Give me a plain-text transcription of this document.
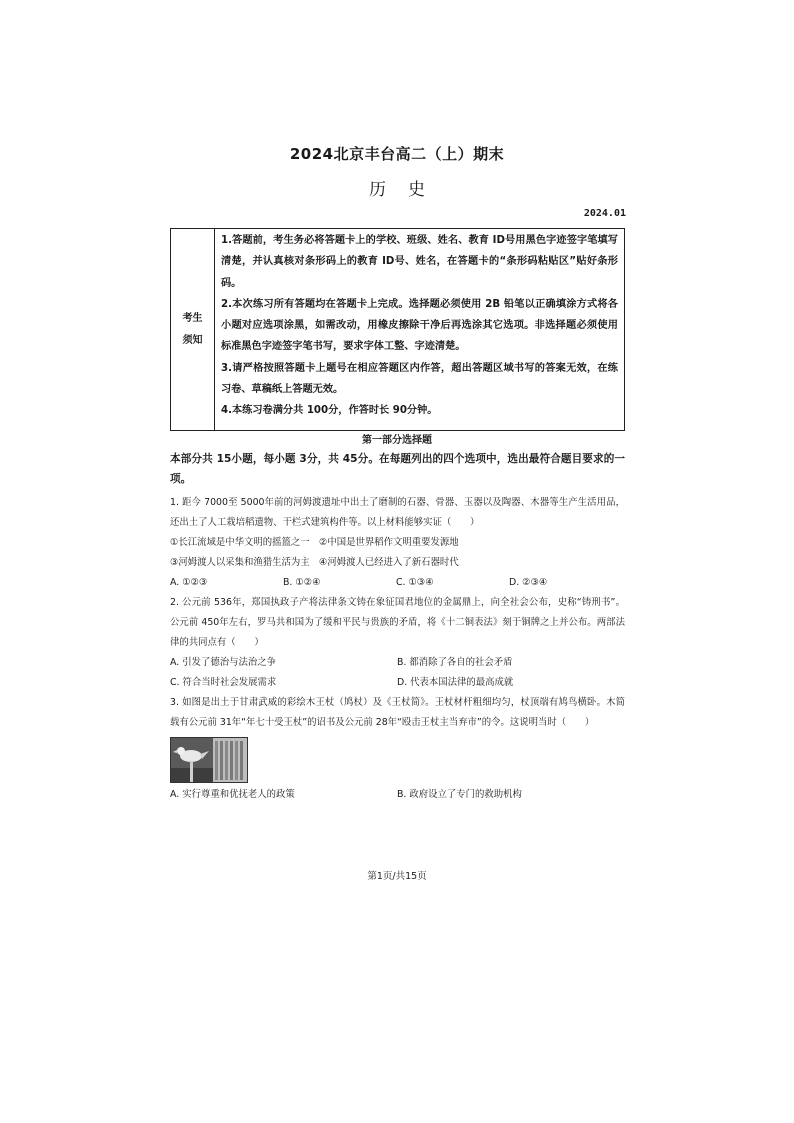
2024北京丰台高二（上）期末
历史
2024.01
考生
须知

1.答题前，考生务必将答题卡上的学校、班级、姓名、教育 ID号用黑色字迹签字笔填写清楚，并认真核对条形码上的教育 ID号、姓名，在答题卡的“条形码粘贴区”贴好条形码。

2.本次练习所有答题均在答题卡上完成。选择题必须使用 2B 铅笔以正确填涂方式将各小题对应选项涂黑，如需改动，用橡皮擦除干净后再选涂其它选项。非选择题必须使用标准黑色字迹签字笔书写，要求字体工整、字迹清楚。

3.请严格按照答题卡上题号在相应答题区内作答，超出答题区域书写的答案无效，在练习卷、草稿纸上答题无效。

4.本练习卷满分共 100分，作答时长 90分钟。

第一部分选择题
本部分共 15小题，每小题 3分，共 45分。在每题列出的四个选项中，选出最符合题目要求的一项。

1. 距今 7000至 5000年前的河姆渡遗址中出土了磨制的石器、骨器、玉器以及陶器、木器等生产生活用品，还出土了人工栽培稻遗物、干栏式建筑构件等。以上材料能够实证（　　）

①长江流域是中华文明的摇篮之一　②中国是世界稻作文明重要发源地

③河姆渡人以采集和渔猎生活为主　④河姆渡人已经进入了新石器时代

A. ①②③	B. ①②④	C. ①③④	D. ②③④

2. 公元前 536年，郑国执政子产将法律条文铸在象征国君地位的金属鼎上，向全社会公布，史称“铸刑书”。公元前 450年左右，罗马共和国为了缓和平民与贵族的矛盾，将《十二铜表法》刻于铜牌之上并公布。两部法律的共同点有（　　）

A. 引发了德治与法治之争	B. 都消除了各自的社会矛盾
C. 符合当时社会发展需求	D. 代表本国法律的最高成就

3. 如图是出土于甘肃武威的彩绘木王杖（鸠杖）及《王杖简》。王杖材杆粗细均匀，杖顶端有鸠鸟横卧。木简载有公元前 31年“年七十受王杖”的诏书及公元前 28年“殴击王杖主当弃市”的令。这说明当时（　　）

A. 实行尊重和优抚老人的政策	B. 政府设立了专门的救助机构
第1页/共15页
